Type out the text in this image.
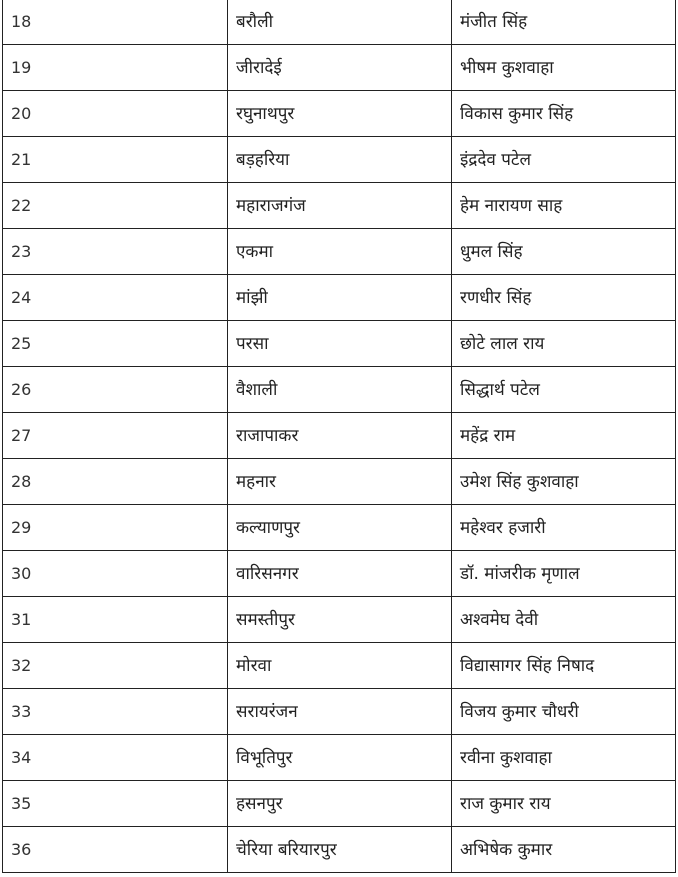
18	बरौली	मंजीत सिंह
19	जीरादेई	भीषम कुशवाहा
20	रघुनाथपुर	विकास कुमार सिंह
21	बड़हरिया	इंद्रदेव पटेल
22	महाराजगंज	हेम नारायण साह
23	एकमा	धुमल सिंह
24	मांझी	रणधीर सिंह
25	परसा	छोटे लाल राय
26	वैशाली	सिद्धार्थ पटेल
27	राजापाकर	महेंद्र राम
28	महनार	उमेश सिंह कुशवाहा
29	कल्याणपुर	महेश्वर हजारी
30	वारिसनगर	डॉ. मांजरीक मृणाल
31	समस्तीपुर	अश्वमेघ देवी
32	मोरवा	विद्यासागर सिंह निषाद
33	सरायरंजन	विजय कुमार चौधरी
34	विभूतिपुर	रवीना कुशवाहा
35	हसनपुर	राज कुमार राय
36	चेरिया बरियारपुर	अभिषेक कुमार
